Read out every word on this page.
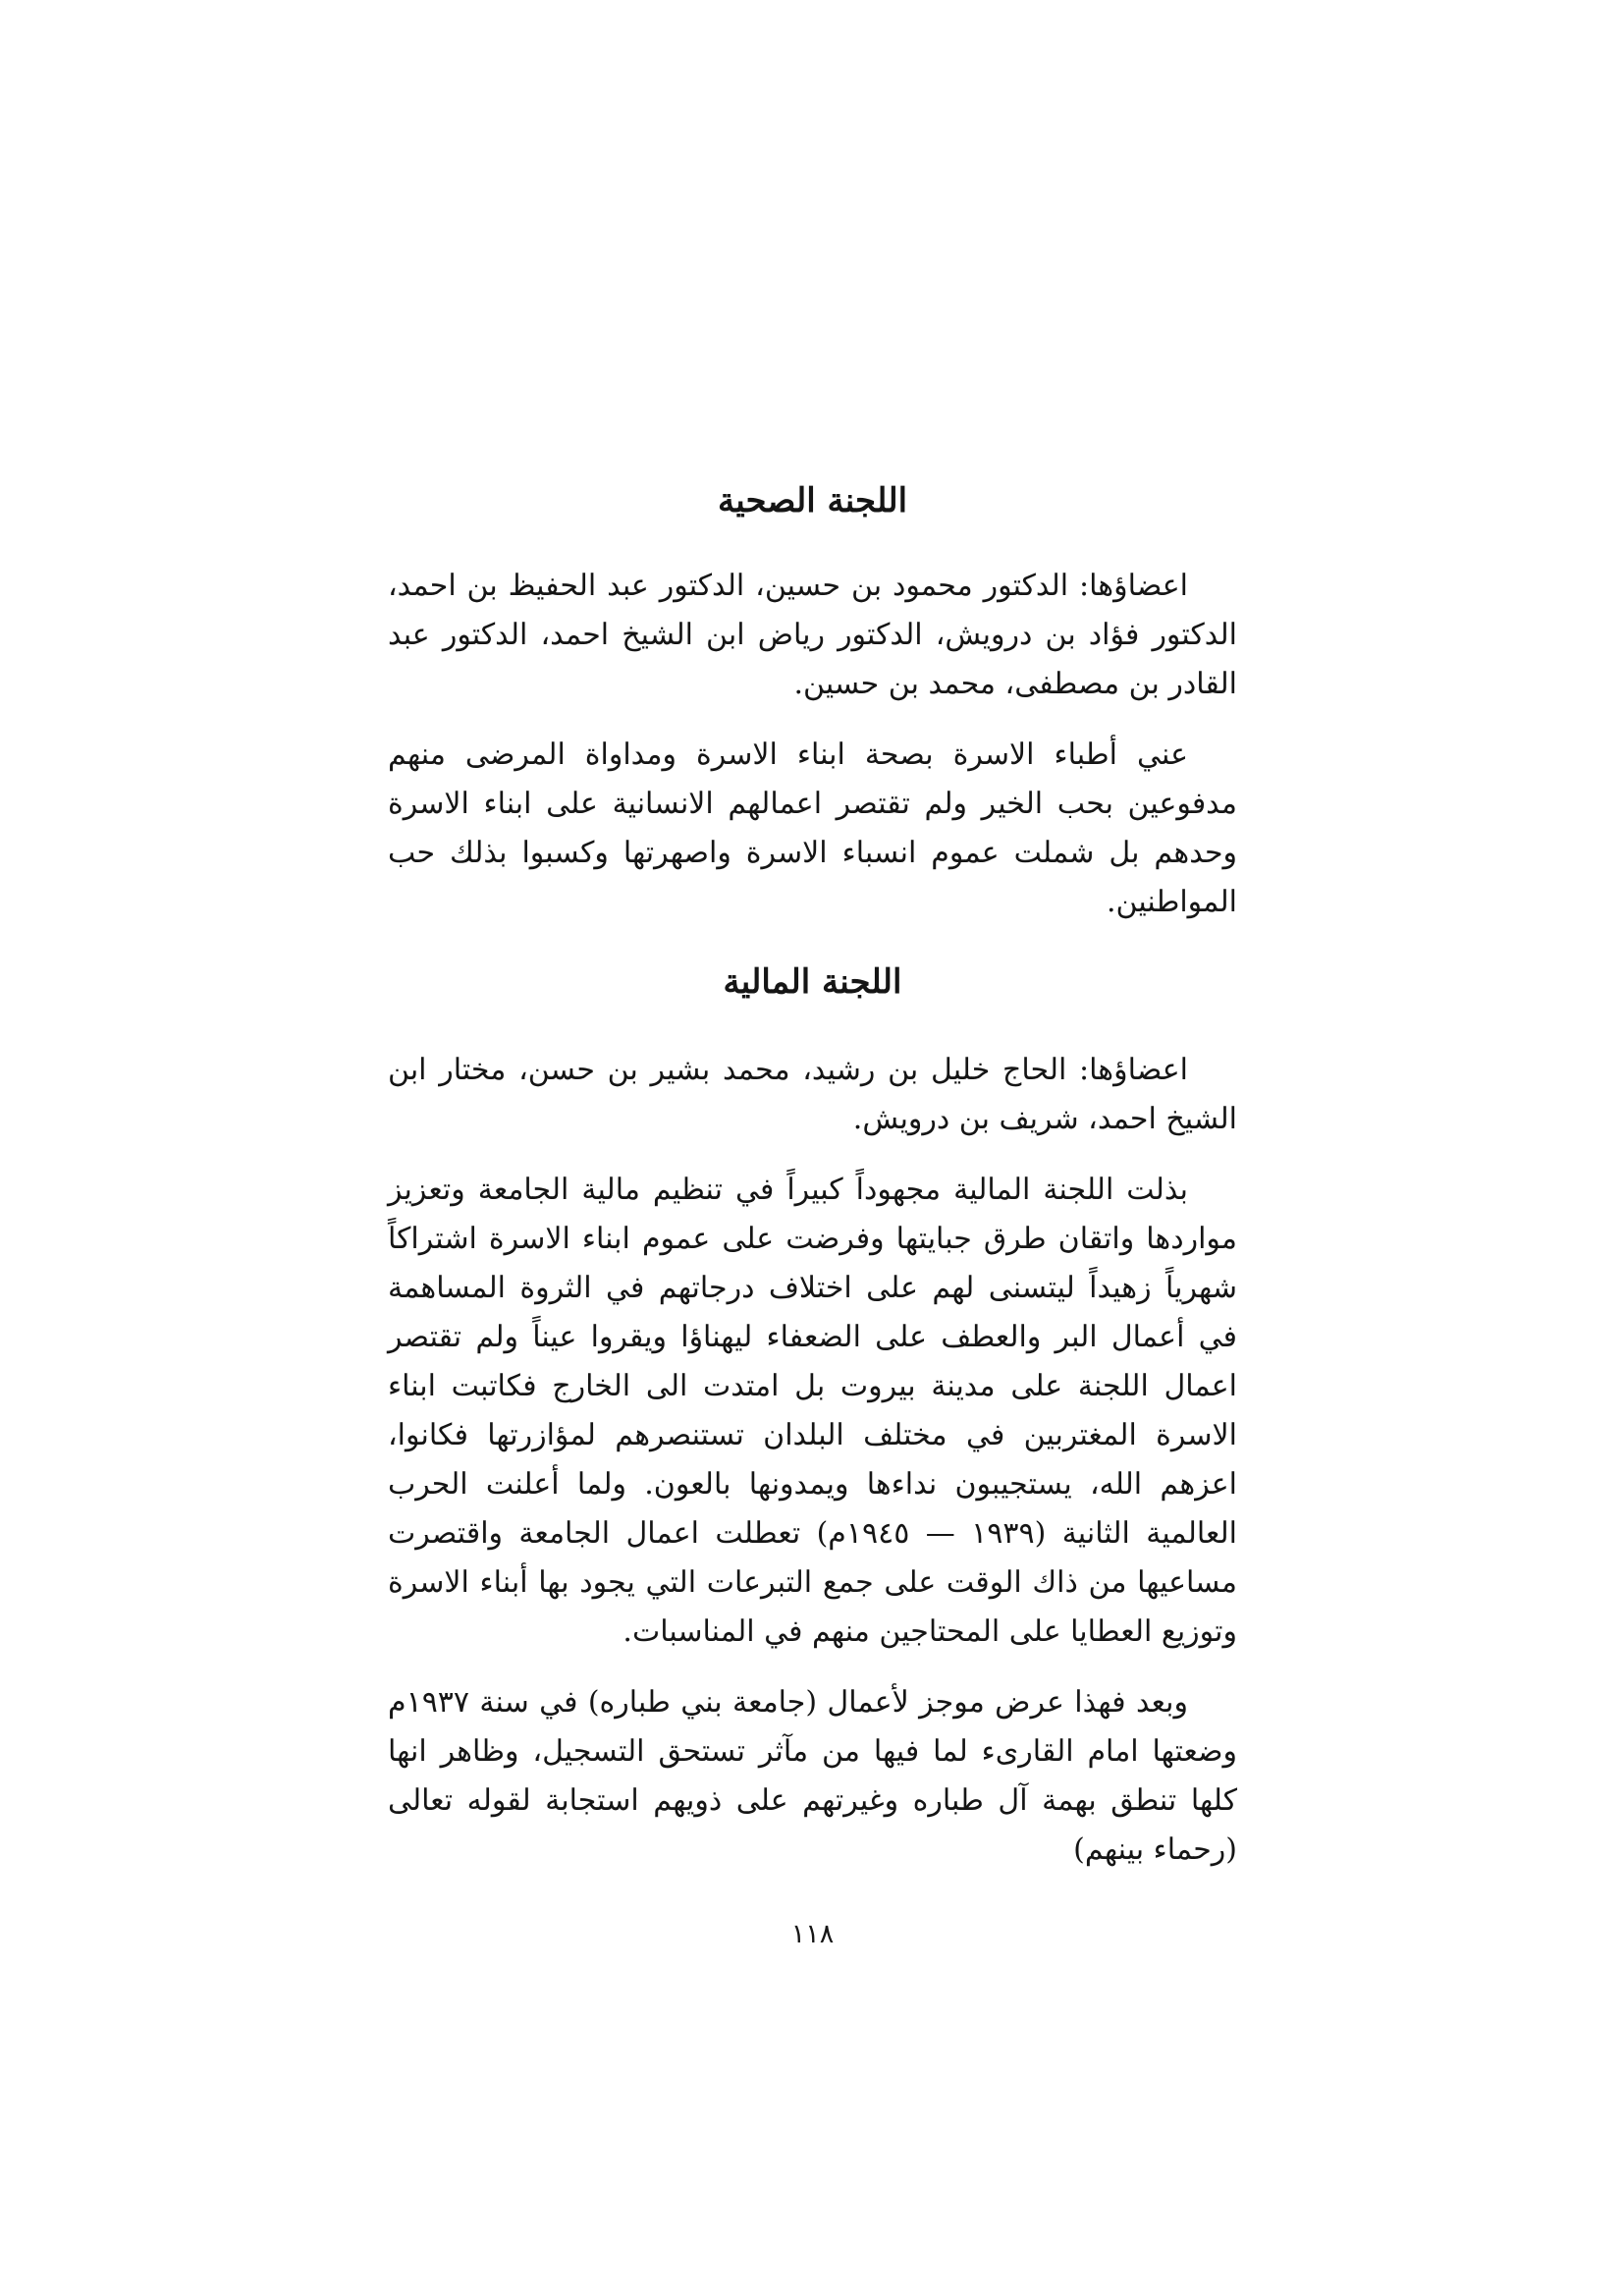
اللجنة الصحية

اعضاؤها: الدكتور محمود بن حسين، الدكتور عبد الحفيظ بن احمد، الدكتور فؤاد بن درويش، الدكتور رياض ابن الشيخ احمد، الدكتور عبد القادر بن مصطفى، محمد بن حسين.

عني أطباء الاسرة بصحة ابناء الاسرة ومداواة المرضى منهم مدفوعين بحب الخير ولم تقتصر اعمالهم الانسانية على ابناء الاسرة وحدهم بل شملت عموم انسباء الاسرة واصهرتها وكسبوا بذلك حب المواطنين.

اللجنة المالية

اعضاؤها: الحاج خليل بن رشيد، محمد بشير بن حسن، مختار ابن الشيخ احمد، شريف بن درويش.

بذلت اللجنة المالية مجهوداً كبيراً في تنظيم مالية الجامعة وتعزيز مواردها واتقان طرق جبايتها وفرضت على عموم ابناء الاسرة اشتراكاً شهرياً زهيداً ليتسنى لهم على اختلاف درجاتهم في الثروة المساهمة في أعمال البر والعطف على الضعفاء ليهناؤا ويقروا عيناً ولم تقتصر اعمال اللجنة على مدينة بيروت بل امتدت الى الخارج فكاتبت ابناء الاسرة المغتربين في مختلف البلدان تستنصرهم لمؤازرتها فكانوا، اعزهم الله، يستجيبون نداءها ويمدونها بالعون. ولما أعلنت الحرب العالمية الثانية (١٩٣٩ — ١٩٤٥م) تعطلت اعمال الجامعة واقتصرت مساعيها من ذاك الوقت على جمع التبرعات التي يجود بها أبناء الاسرة وتوزيع العطايا على المحتاجين منهم في المناسبات.

وبعد فهذا عرض موجز لأعمال (جامعة بني طباره) في سنة ١٩٣٧م وضعتها امام القارىء لما فيها من مآثر تستحق التسجيل، وظاهر انها كلها تنطق بهمة آل طباره وغيرتهم على ذويهم استجابة لقوله تعالى (رحماء بينهم)

١١٨
